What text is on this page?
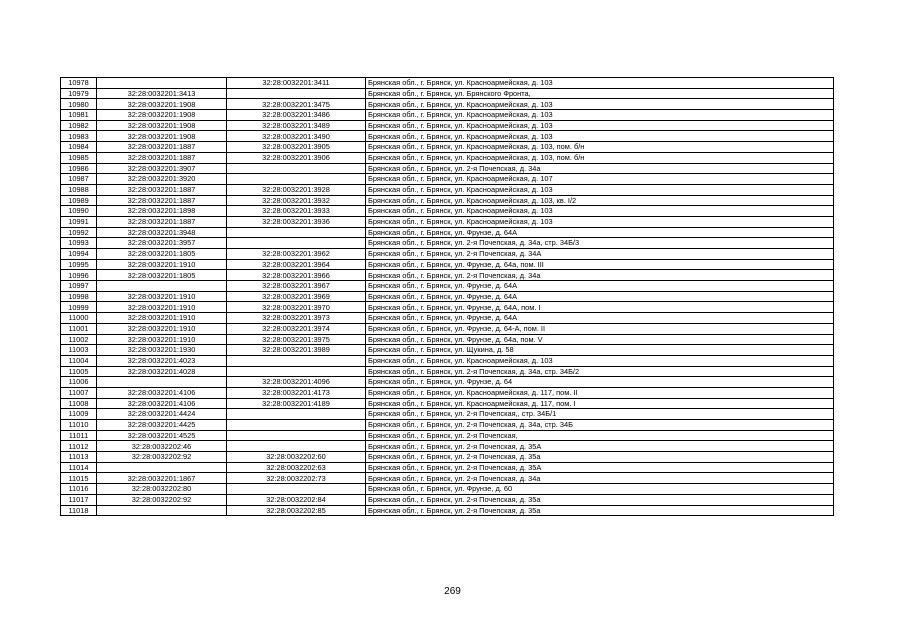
10978		32:28:0032201:3411	Брянская обл., г. Брянск, ул. Красноармейская, д. 103
10979	32:28:0032201:3413		Брянская обл., г. Брянск, ул. Брянского Фронта,
10980	32:28:0032201:1908	32:28:0032201:3475	Брянская обл., г. Брянск, ул. Красноармейская, д. 103
10981	32:28:0032201:1908	32:28:0032201:3486	Брянская обл., г. Брянск, ул. Красноармейская, д. 103
10982	32:28:0032201:1908	32:28:0032201:3489	Брянская обл., г. Брянск, ул. Красноармейская, д. 103
10983	32:28:0032201:1908	32:28:0032201:3490	Брянская обл., г. Брянск, ул. Красноармейская, д. 103
10984	32:28:0032201:1887	32:28:0032201:3905	Брянская обл., г. Брянск, ул. Красноармейская, д. 103, пом. б/н
10985	32:28:0032201:1887	32:28:0032201:3906	Брянская обл., г. Брянск, ул. Красноармейская, д. 103, пом. б/н
10986	32:28:0032201:3907		Брянская обл., г. Брянск, ул. 2-я Почепская, д. 34а
10987	32:28:0032201:3920		Брянская обл., г. Брянск, ул. Красноармейская, д. 107
10988	32:28:0032201:1887	32:28:0032201:3928	Брянская обл., г. Брянск, ул. Красноармейская, д. 103
10989	32:28:0032201:1887	32:28:0032201:3932	Брянская обл., г. Брянск, ул. Красноармейская, д. 103, кв. I/2
10990	32:28:0032201:1898	32:28:0032201:3933	Брянская обл., г. Брянск, ул. Красноармейская, д. 103
10991	32:28:0032201:1887	32:28:0032201:3936	Брянская обл., г. Брянск, ул. Красноармейская, д. 103
10992	32:28:0032201:3948		Брянская обл., г. Брянск, ул. Фрунзе, д. 64А
10993	32:28:0032201:3957		Брянская обл., г. Брянск, ул. 2-я Почепская, д. 34а, стр. 34Б/3
10994	32:28:0032201:1805	32:28:0032201:3962	Брянская обл., г. Брянск, ул. 2-я Почепская, д. 34А
10995	32:28:0032201:1910	32:28:0032201:3964	Брянская обл., г. Брянск, ул. Фрунзе, д. 64а, пом. III
10996	32:28:0032201:1805	32:28:0032201:3966	Брянская обл., г. Брянск, ул. 2-я Почепская, д. 34а
10997		32:28:0032201:3967	Брянская обл., г. Брянск, ул. Фрунзе, д. 64А
10998	32:28:0032201:1910	32:28:0032201:3969	Брянская обл., г. Брянск, ул. Фрунзе, д. 64А
10999	32:28:0032201:1910	32:28:0032201:3970	Брянская обл., г. Брянск, ул. Фрунзе, д. 64А, пом. I
11000	32:28:0032201:1910	32:28:0032201:3973	Брянская обл., г. Брянск, ул. Фрунзе, д. 64А
11001	32:28:0032201:1910	32:28:0032201:3974	Брянская обл., г. Брянск, ул. Фрунзе, д. 64-А, пом. II
11002	32:28:0032201:1910	32:28:0032201:3975	Брянская обл., г. Брянск, ул. Фрунзе, д. 64а, пом. V
11003	32:28:0032201:1930	32:28:0032201:3989	Брянская обл., г. Брянск, ул. Щукина, д. 58
11004	32:28:0032201:4023		Брянская обл., г. Брянск, ул. Красноармейская, д. 103
11005	32:28:0032201:4028		Брянская обл., г. Брянск, ул. 2-я Почепская, д. 34а, стр. 34Б/2
11006		32:28:0032201:4096	Брянская обл., г. Брянск, ул. Фрунзе, д. 64
11007	32:28:0032201:4106	32:28:0032201:4173	Брянская обл., г. Брянск, ул. Красноармейская, д. 117, пом. II
11008	32:28:0032201:4106	32:28:0032201:4189	Брянская обл., г. Брянск, ул. Красноармейская, д. 117, пом. I
11009	32:28:0032201:4424		Брянская обл., г. Брянск, ул. 2-я Почепская,, стр. 34Б/1
11010	32:28:0032201:4425		Брянская обл., г. Брянск, ул. 2-я Почепская, д. 34а, стр. 34Б
11011	32:28:0032201:4525		Брянская обл., г. Брянск, ул. 2-я Почепская,
11012	32:28:0032202:46		Брянская обл., г. Брянск, ул. 2-я Почепская, д. 35А
11013	32:28:0032202:92	32:28:0032202:60	Брянская обл., г. Брянск, ул. 2-я Почепская, д. 35а
11014		32:28:0032202:63	Брянская обл., г. Брянск, ул. 2-я Почепская, д. 35А
11015	32:28:0032201:1867	32:28:0032202:73	Брянская обл., г. Брянск, ул. 2-я Почепская, д. 34а
11016	32:28:0032202:80		Брянская обл., г. Брянск, ул. Фрунзе, д. 60
11017	32:28:0032202:92	32:28:0032202:84	Брянская обл., г. Брянск, ул. 2-я Почепская, д. 35а
11018		32:28:0032202:85	Брянская обл., г. Брянск, ул. 2-я Почепская, д. 35а
269
